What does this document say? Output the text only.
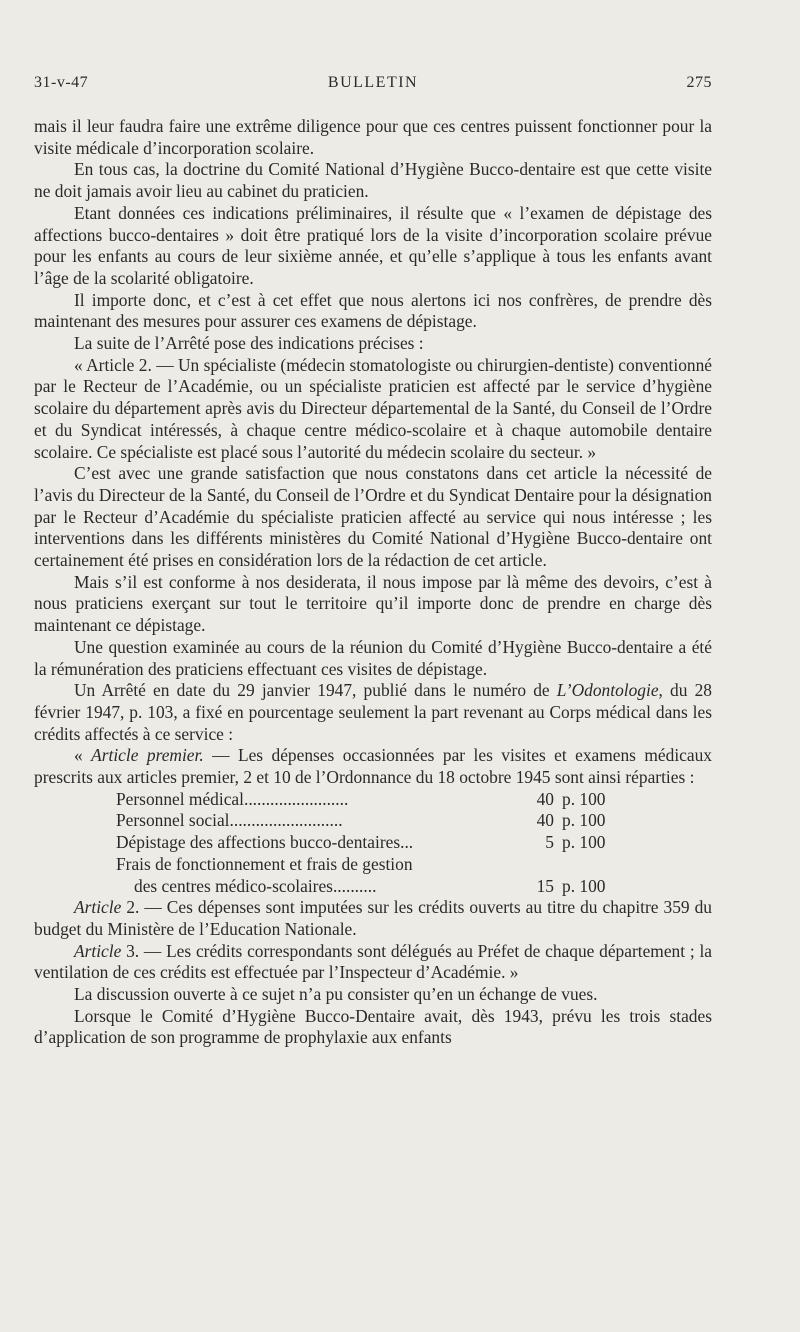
31-v-47	BULLETIN	275

mais il leur faudra faire une extrême diligence pour que ces centres puissent fonctionner pour la visite médicale d’incorporation scolaire.

En tous cas, la doctrine du Comité National d’Hygiène Bucco-dentaire est que cette visite ne doit jamais avoir lieu au cabinet du praticien.

Etant données ces indications préliminaires, il résulte que « l’examen de dépistage des affections bucco-dentaires » doit être pratiqué lors de la visite d’incorporation scolaire prévue pour les enfants au cours de leur sixième année, et qu’elle s’applique à tous les enfants avant l’âge de la scolarité obligatoire.

Il importe donc, et c’est à cet effet que nous alertons ici nos confrères, de prendre dès maintenant des mesures pour assurer ces examens de dépistage.

La suite de l’Arrêté pose des indications précises :

« Article 2. — Un spécialiste (médecin stomatologiste ou chirurgien-dentiste) conventionné par le Recteur de l’Académie, ou un spécialiste praticien est affecté par le service d’hygiène scolaire du département après avis du Directeur départemental de la Santé, du Conseil de l’Ordre et du Syndicat intéressés, à chaque centre médico-scolaire et à chaque automobile dentaire scolaire. Ce spécialiste est placé sous l’autorité du médecin scolaire du secteur. »

C’est avec une grande satisfaction que nous constatons dans cet article la nécessité de l’avis du Directeur de la Santé, du Conseil de l’Ordre et du Syndicat Dentaire pour la désignation par le Recteur d’Académie du spécialiste praticien affecté au service qui nous intéresse ; les interventions dans les différents ministères du Comité National d’Hygiène Bucco-dentaire ont certainement été prises en considération lors de la rédaction de cet article.

Mais s’il est conforme à nos desiderata, il nous impose par là même des devoirs, c’est à nous praticiens exerçant sur tout le territoire qu’il importe donc de prendre en charge dès maintenant ce dépistage.

Une question examinée au cours de la réunion du Comité d’Hygiène Bucco-dentaire a été la rémunération des praticiens effectuant ces visites de dépistage.

Un Arrêté en date du 29 janvier 1947, publié dans le numéro de L’Odontologie, du 28 février 1947, p. 103, a fixé en pourcentage seulement la part revenant au Corps médical dans les crédits affectés à ce service :

« Article premier. — Les dépenses occasionnées par les visites et examens médicaux prescrits aux articles premier, 2 et 10 de l’Ordonnance du 18 octobre 1945 sont ainsi réparties :

Personnel médical........................	40 p. 100
Personnel social..........................	40 p. 100
Dépistage des affections bucco-dentaires...	5 p. 100
Frais de fonctionnement et frais de gestion
des centres médico-scolaires..........	15 p. 100

Article 2. — Ces dépenses sont imputées sur les crédits ouverts au titre du chapitre 359 du budget du Ministère de l’Education Nationale.

Article 3. — Les crédits correspondants sont délégués au Préfet de chaque département ; la ventilation de ces crédits est effectuée par l’Inspecteur d’Académie. »

La discussion ouverte à ce sujet n’a pu consister qu’en un échange de vues.

Lorsque le Comité d’Hygiène Bucco-Dentaire avait, dès 1943, prévu les trois stades d’application de son programme de prophylaxie aux enfants
